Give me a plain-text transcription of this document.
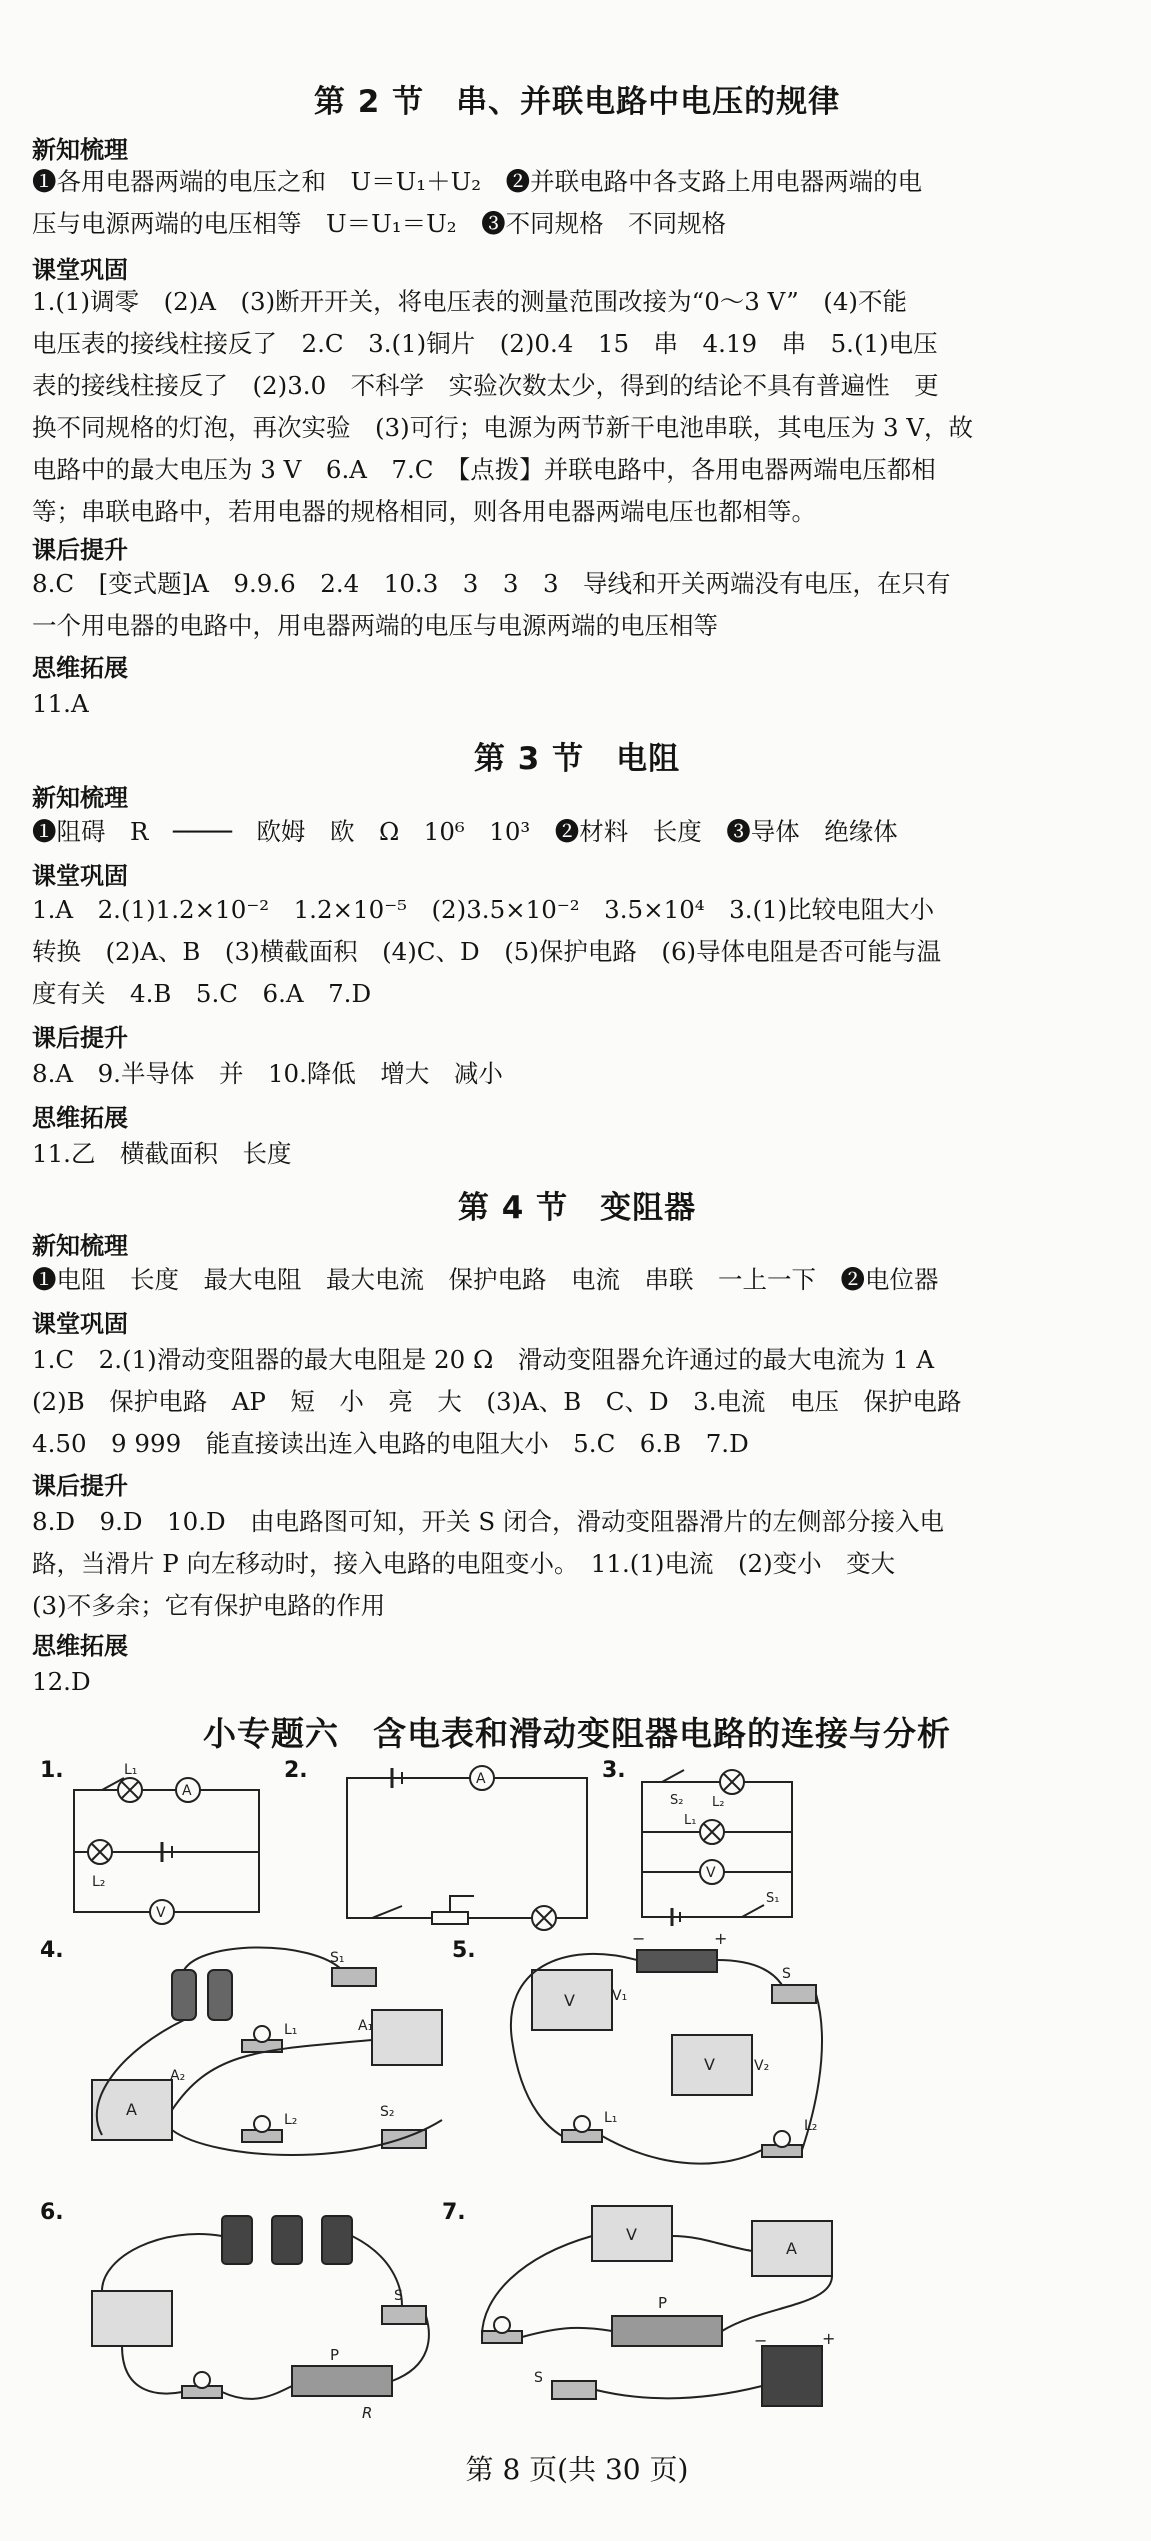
第 2 节　串、并联电路中电压的规律
新知梳理
❶各用电器两端的电压之和　U＝U₁＋U₂　❷并联电路中各支路上用电器两端的电
压与电源两端的电压相等　U＝U₁＝U₂　❸不同规格　不同规格
课堂巩固
1.(1)调零　(2)A　(3)断开开关，将电压表的测量范围改接为“0～3 V”　(4)不能
电压表的接线柱接反了　2.C　3.(1)铜片　(2)0.4　15　串　4.19　串　5.(1)电压
表的接线柱接反了　(2)3.0　不科学　实验次数太少，得到的结论不具有普遍性　更
换不同规格的灯泡，再次实验　(3)可行；电源为两节新干电池串联，其电压为 3 V，故
电路中的最大电压为 3 V　6.A　7.C　【点拨】并联电路中，各用电器两端电压都相
等；串联电路中，若用电器的规格相同，则各用电器两端电压也都相等。
课后提升
8.C　[变式题]A　9.9.6　2.4　10.3　3　3　3　导线和开关两端没有电压，在只有
一个用电器的电路中，用电器两端的电压与电源两端的电压相等
思维拓展
11.A
第 3 节　电阻
新知梳理
❶阻碍　R　────　欧姆　欧　Ω　10⁶　10³　❷材料　长度　❸导体　绝缘体
课堂巩固
1.A　2.(1)1.2×10⁻²　1.2×10⁻⁵　(2)3.5×10⁻²　3.5×10⁴　3.(1)比较电阻大小
转换　(2)A、B　(3)横截面积　(4)C、D　(5)保护电路　(6)导体电阻是否可能与温
度有关　4.B　5.C　6.A　7.D
课后提升
8.A　9.半导体　并　10.降低　增大　减小
思维拓展
11.乙　横截面积　长度
第 4 节　变阻器
新知梳理
❶电阻　长度　最大电阻　最大电流　保护电路　电流　串联　一上一下　❷电位器
课堂巩固
1.C　2.(1)滑动变阻器的最大电阻是 20 Ω　滑动变阻器允许通过的最大电流为 1 A
(2)B　保护电路　AP　短　小　亮　大　(3)A、B　C、D　3.电流　电压　保护电路
4.50　9 999　能直接读出连入电路的电阻大小　5.C　6.B　7.D
课后提升
8.D　9.D　10.D　由电路图可知，开关 S 闭合，滑动变阻器滑片的左侧部分接入电
路，当滑片 P 向左移动时，接入电路的电阻变小。　11.(1)电流　(2)变小　变大
(3)不多余；它有保护电路的作用
思维拓展
12.D
小专题六　含电表和滑动变阻器电路的连接与分析
1.	2.	3.
4.	5.
6.	7.
L₁
A
L₂
V
A
S₂ L₂
L₁
V
S₁
S₁
A₁
L₁
A
A₂
L₂	S₂
−	+
V	V₁
S
V	V₂
L₁	L₂
S
P
R
V
A
P
S
−	+
第 8 页(共 30 页)
